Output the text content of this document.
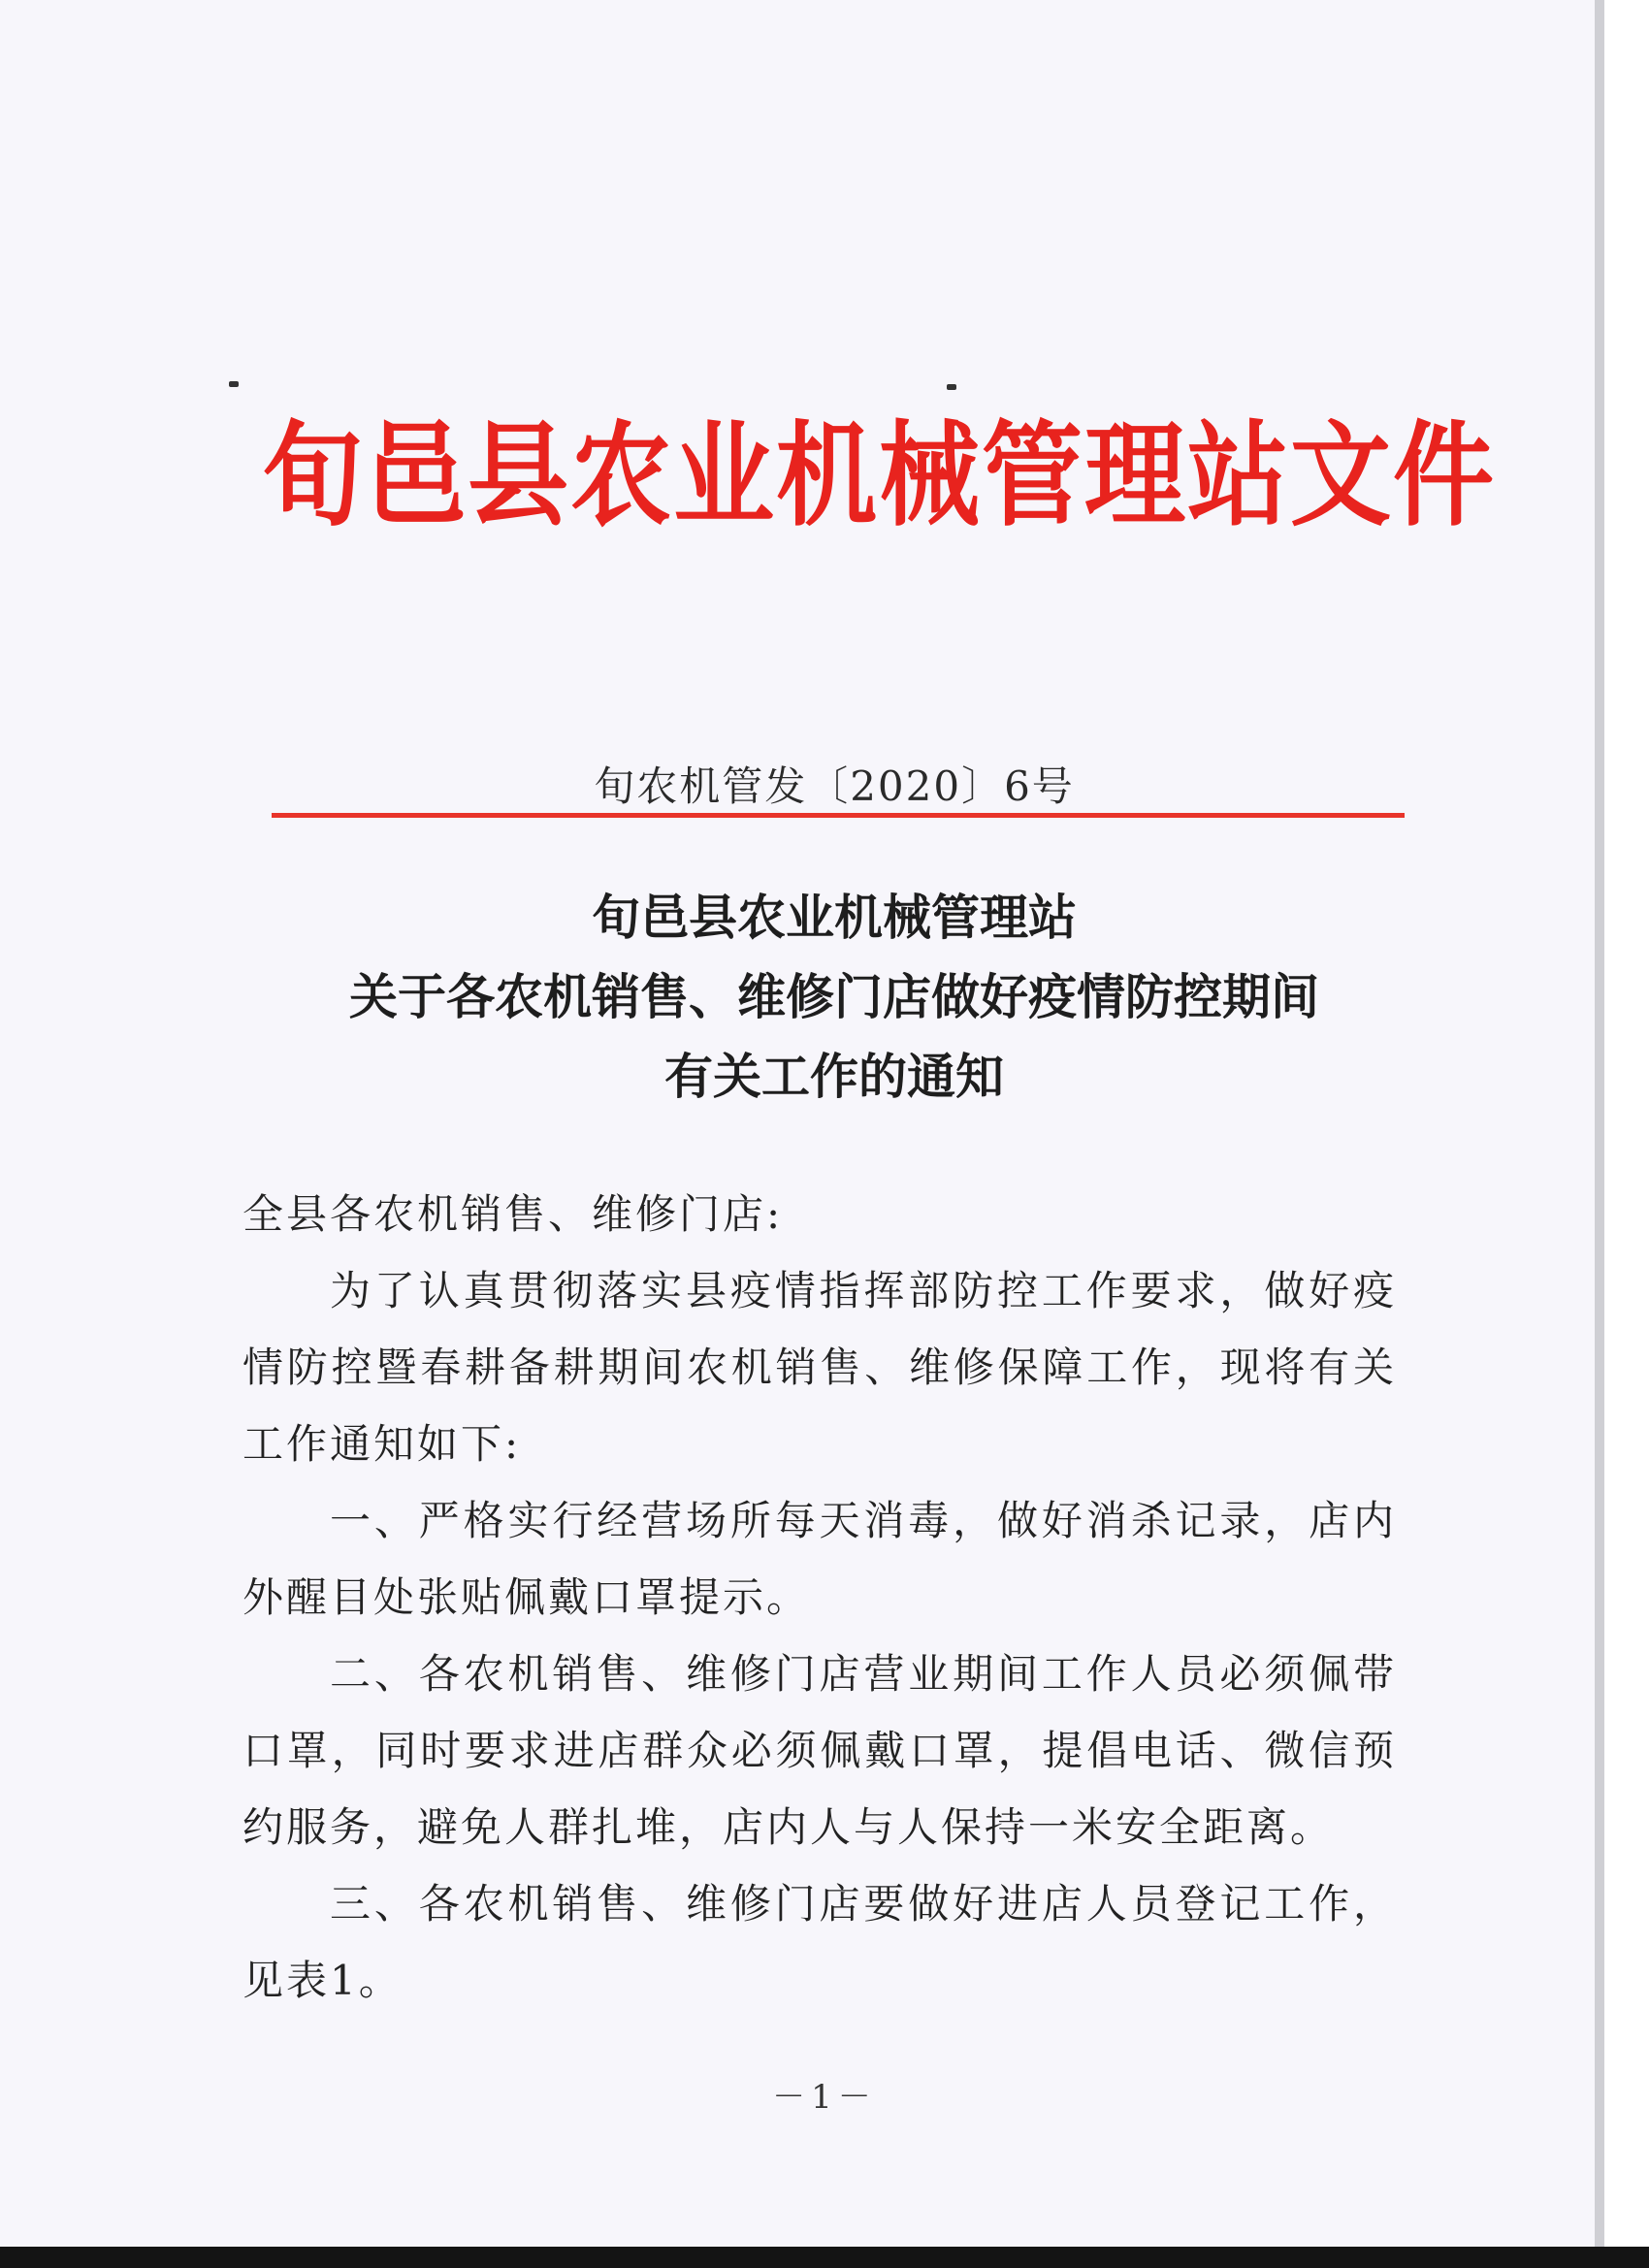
旬邑县农业机械管理站文件
旬农机管发〔2020〕6号
旬邑县农业机械管理站
关于各农机销售、维修门店做好疫情防控期间
有关工作的通知

全县各农机销售、维修门店:

为了认真贯彻落实县疫情指挥部防控工作要求，做好疫情防控暨春耕备耕期间农机销售、维修保障工作，现将有关工作通知如下:

一、严格实行经营场所每天消毒，做好消杀记录，店内外醒目处张贴佩戴口罩提示。

二、各农机销售、维修门店营业期间工作人员必须佩带口罩，同时要求进店群众必须佩戴口罩，提倡电话、微信预约服务，避免人群扎堆，店内人与人保持一米安全距离。

三、各农机销售、维修门店要做好进店人员登记工作，见表1。

－1－
